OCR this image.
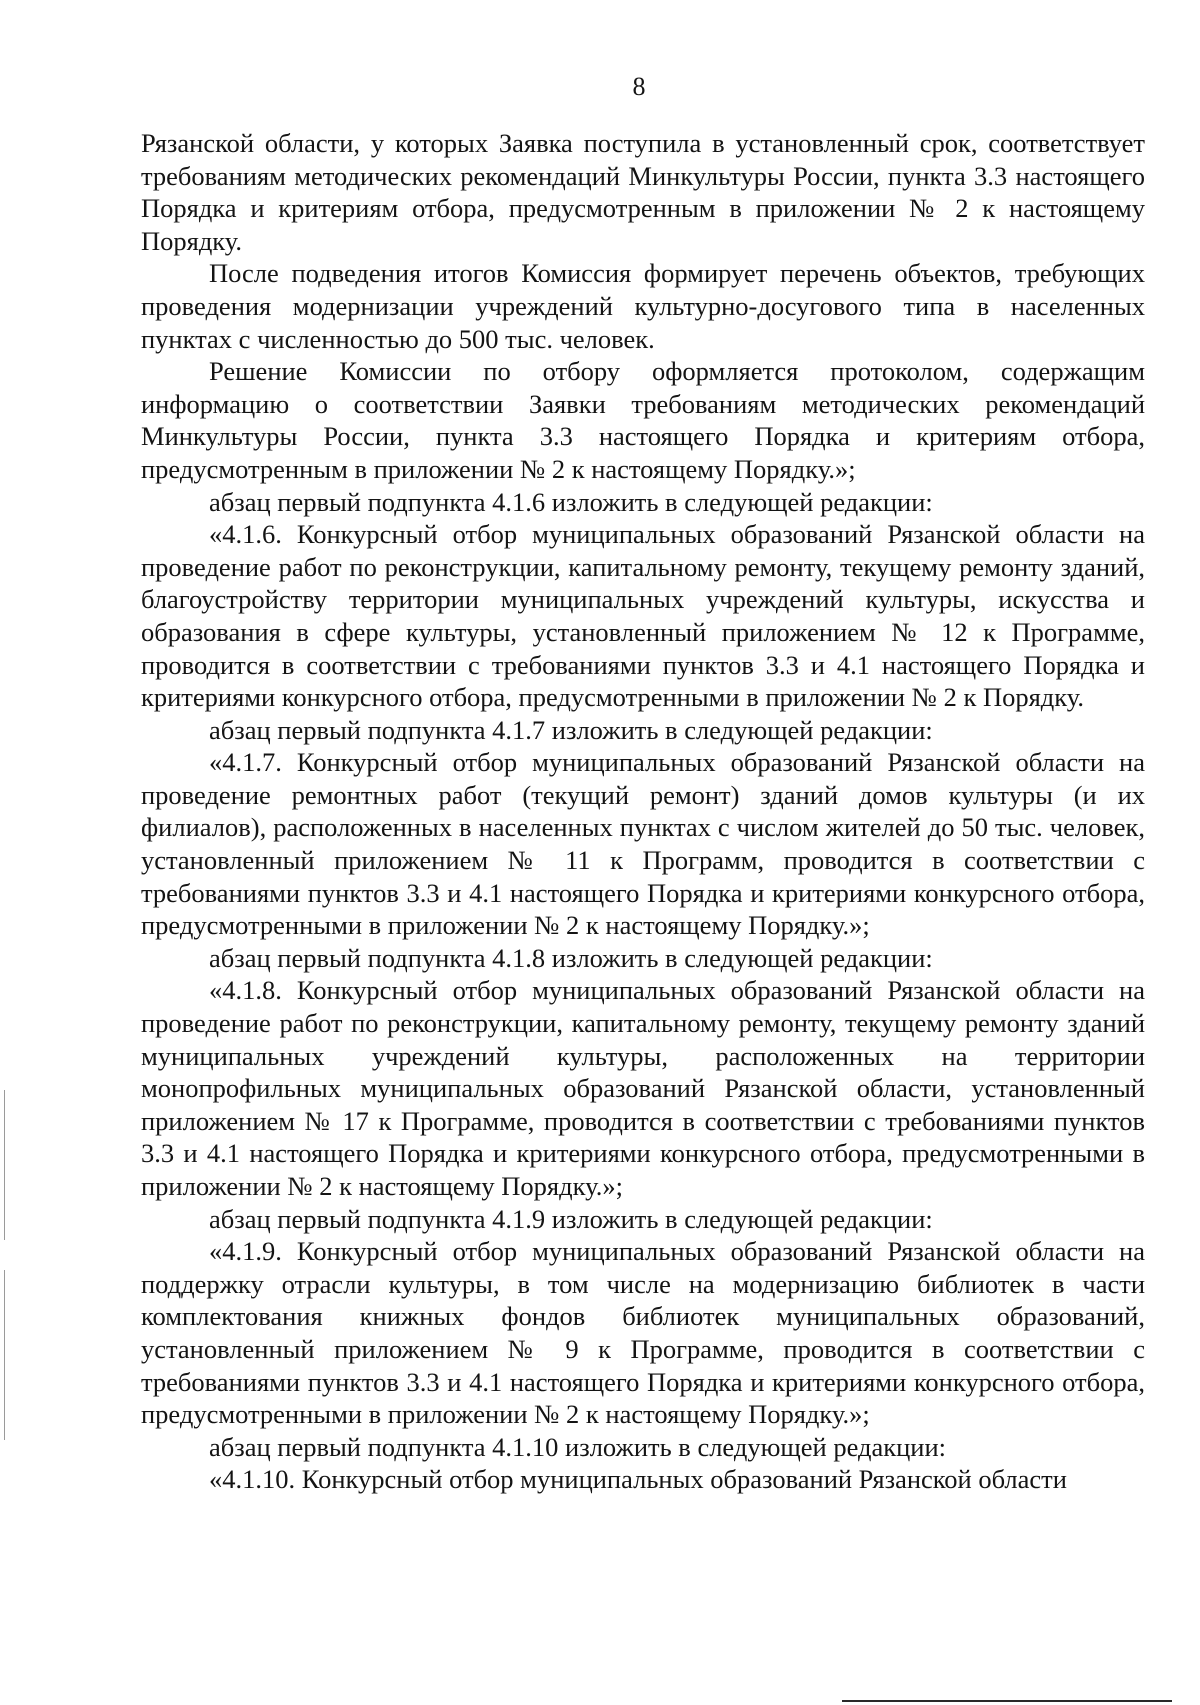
8

Рязанской области, у которых Заявка поступила в установленный срок, соответствует требованиям методических рекомендаций Минкультуры России, пункта 3.3 настоящего Порядка и критериям отбора, предусмотренным в приложении № 2 к настоящему Порядку.

После подведения итогов Комиссия формирует перечень объектов, требующих проведения модернизации учреждений культурно-досугового типа в населенных пунктах с численностью до 500 тыс. человек.

Решение Комиссии по отбору оформляется протоколом, содержащим информацию о соответствии Заявки требованиям методических рекомендаций Минкультуры России, пункта 3.3 настоящего Порядка и критериям отбора, предусмотренным в приложении № 2 к настоящему Порядку.»;

абзац первый подпункта 4.1.6 изложить в следующей редакции:

«4.1.6. Конкурсный отбор муниципальных образований Рязанской области на проведение работ по реконструкции, капитальному ремонту, текущему ремонту зданий, благоустройству территории муниципальных учреждений культуры, искусства и образования в сфере культуры, установленный приложением № 12 к Программе, проводится в соответствии с требованиями пунктов 3.3 и 4.1 настоящего Порядка и критериями конкурсного отбора, предусмотренными в приложении № 2 к Порядку.

абзац первый подпункта 4.1.7 изложить в следующей редакции:

«4.1.7. Конкурсный отбор муниципальных образований Рязанской области на проведение ремонтных работ (текущий ремонт) зданий домов культуры (и их филиалов), расположенных в населенных пунктах с числом жителей до 50 тыс. человек, установленный приложением № 11 к Программ, проводится в соответствии с требованиями пунктов 3.3 и 4.1 настоящего Порядка и критериями конкурсного отбора, предусмотренными в приложении № 2 к настоящему Порядку.»;

абзац первый подпункта 4.1.8 изложить в следующей редакции:

«4.1.8. Конкурсный отбор муниципальных образований Рязанской области на проведение работ по реконструкции, капитальному ремонту, текущему ремонту зданий муниципальных учреждений культуры, расположенных на территории монопрофильных муниципальных образований Рязанской области, установленный приложением № 17 к Программе, проводится в соответствии с требованиями пунктов 3.3 и 4.1 настоящего Порядка и критериями конкурсного отбора, предусмотренными в приложении № 2 к настоящему Порядку.»;

абзац первый подпункта 4.1.9 изложить в следующей редакции:

«4.1.9. Конкурсный отбор муниципальных образований Рязанской области на поддержку отрасли культуры, в том числе на модернизацию библиотек в части комплектования книжных фондов библиотек муниципальных образований, установленный приложением № 9 к Программе, проводится в соответствии с требованиями пунктов 3.3 и 4.1 настоящего Порядка и критериями конкурсного отбора, предусмотренными в приложении № 2 к настоящему Порядку.»;

абзац первый подпункта 4.1.10 изложить в следующей редакции:

«4.1.10. Конкурсный отбор муниципальных образований Рязанской области
